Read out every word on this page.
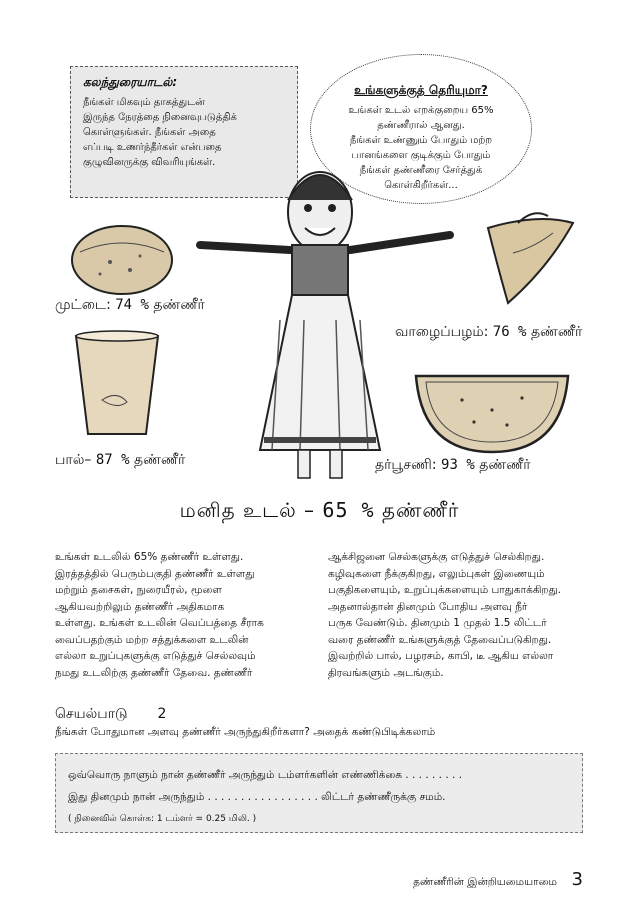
கலந்துரையாடல்:
நீங்கள் மிகவும் தாகத்துடன்
இருந்த நேரத்தை நினைவுபடுத்திக்
கொள்ளுங்கள். நீங்கள் அதை
எப்படி உணர்ந்தீர்கள் என்பதை
குழுவினருக்கு விவரியுங்கள்.
உங்களுக்குத் தெரியுமா?
உங்கள் உடல் எறக்குறைய 65%
தண்ணீரால் ஆனது.
நீங்கள் உண்ணும் போதும் மற்ற
பானங்களை குடிக்கும் போதும்
நீங்கள் தண்ணீரை சேர்த்துக்
கொள்கிறீர்கள்...
முட்டை: 74 % தண்ணீர்
வாழைப்பழம்: 76 % தண்ணீர்
பால்– 87 % தண்ணீர்	தர்பூசணி: 93 % தண்ணீர்
மனித உடல் – 65 % தண்ணீர்
உங்கள் உடலில் 65% தண்ணீர் உள்ளது.
இரத்தத்தில் பெரும்பகுதி தண்ணீர் உள்ளது
மற்றும் தசைகள், நுரையீரல், மூளை
ஆகியவற்றிலும் தண்ணீர் அதிகமாக
உள்ளது. உங்கள் உடலின் வெப்பத்தை சீராக
வைப்பதற்கும் மற்ற சத்துக்களை உடலின்
எல்லா உறுப்புகளுக்கு எடுத்துச் செல்லவும்
நமது உடலிற்கு தண்ணீர் தேவை. தண்ணீர்
ஆக்சிஜனை செல்களுக்கு எடுத்துச் செல்கிறது.
கழிவுகளை நீக்குகிறது, எலும்புகள் இணையும்
பகுதிகளையும், உறுப்புக்களையும் பாதுகாக்கிறது.
அதனால்தான் தினமும் போதிய அளவு நீர்
பருக வேண்டும். தினமும் 1 முதல் 1.5 லிட்டர்
வரை தண்ணீர் உங்களுக்குத் தேவைப்படுகிறது.
இவற்றில் பால், பழரசம், காபி, டீ ஆகிய எல்லா
திரவங்களும் அடங்கும்.
செயல்பாடு 2
நீங்கள் போதுமான அளவு தண்ணீர் அருந்துகிறீர்களா? அதைக் கண்டுபிடிக்கலாம்
ஒவ்வொரு நாளும் நான் தண்ணீர் அருந்தும் டம்ளர்களின் எண்ணிக்கை . . . . . . . . .
இது தினமும் நான் அருந்தும் . . . . . . . . . . . . . . . . . லிட்டர் தண்ணீருக்கு சமம்.
( நினைவில் கொள்க: 1 டம்ளர் = 0.25 மிலி. )
தண்ணீரின் இன்றியமையாமை 3
